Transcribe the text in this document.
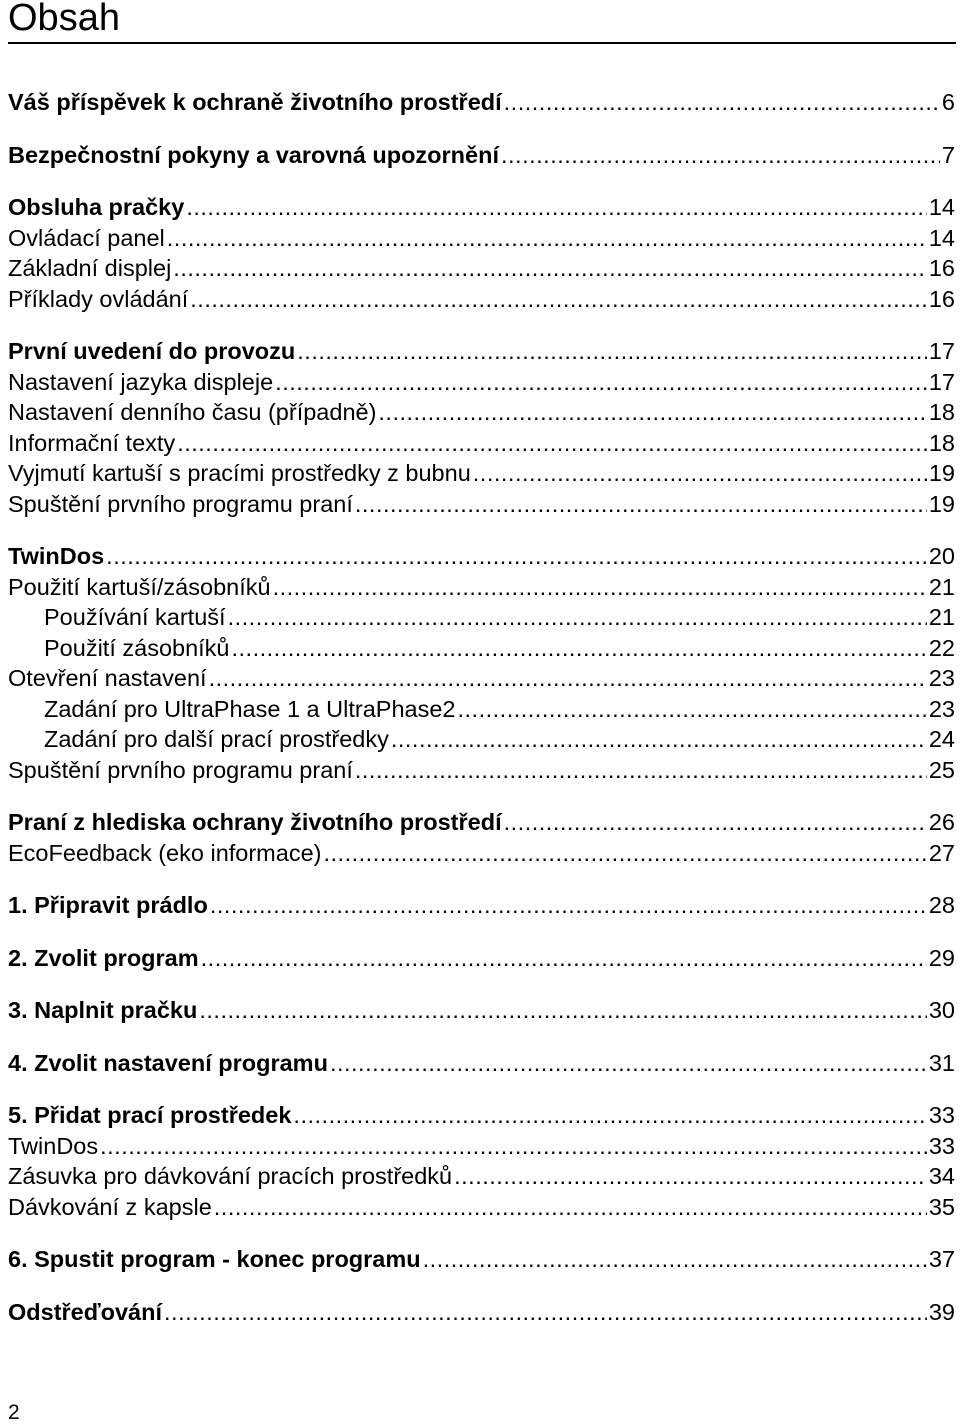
Obsah
Váš příspěvek k ochraně životního prostředí .....	6
Bezpečnostní pokyny a varovná upozornění .....	7
Obsluha pračky .....	14
Ovládací panel .....	14
Základní displej .....	16
Příklady ovládání .....	16
První uvedení do provozu .....	17
Nastavení jazyka displeje .....	17
Nastavení denního času (případně) .....	18
Informační texty .....	18
Vyjmutí kartuší s pracími prostředky z bubnu .....	19
Spuštění prvního programu praní .....	19
TwinDos .....	20
Použití kartuší/zásobníků .....	21
Používání kartuší .....	21
Použití zásobníků .....	22
Otevření nastavení .....	23
Zadání pro UltraPhase 1 a UltraPhase2 .....	23
Zadání pro další prací prostředky .....	24
Spuštění prvního programu praní .....	25
Praní z hlediska ochrany životního prostředí .....	26
EcoFeedback (eko informace) .....	27
1. Připravit prádlo .....	28
2. Zvolit program .....	29
3. Naplnit pračku .....	30
4. Zvolit nastavení programu .....	31
5. Přidat prací prostředek .....	33
TwinDos .....	33
Zásuvka pro dávkování pracích prostředků .....	34
Dávkování z kapsle .....	35
6. Spustit program - konec programu .....	37
Odstřeďování .....	39
2
